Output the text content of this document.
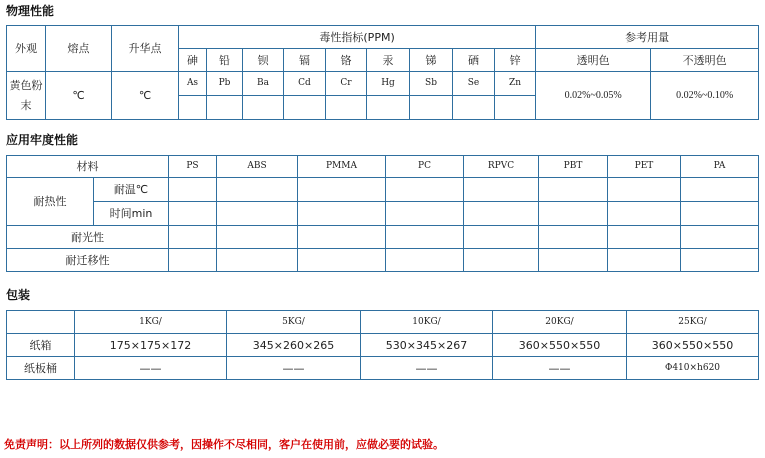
物理性能
外观	熔点	升华点	毒性指标(PPM)									参考用量	
			砷	铅	钡	镉	铬	汞	锑	硒	锌	透明色	不透明色
黄色粉末	℃	℃	As	Pb	Ba	Cd	Cr	Hg	Sb	Se	Zn	0.02%~0.05%	0.02%~0.10%

应用牢度性能
材料		PS	ABS	PMMA	PC	RPVC	PBT	PET	PA
耐热性	耐温℃								
	时间min								
耐光性									
耐迁移性									
包装
	1KG/	5KG/	10KG/	20KG/	25KG/
纸箱	175×175×172	345×260×265	530×345×267	360×550×550	360×550×550
纸板桶	——	——	——	——	Φ410×h620
免责声明：以上所列的数据仅供参考，因操作不尽相同，客户在使用前，应做必要的试验。
